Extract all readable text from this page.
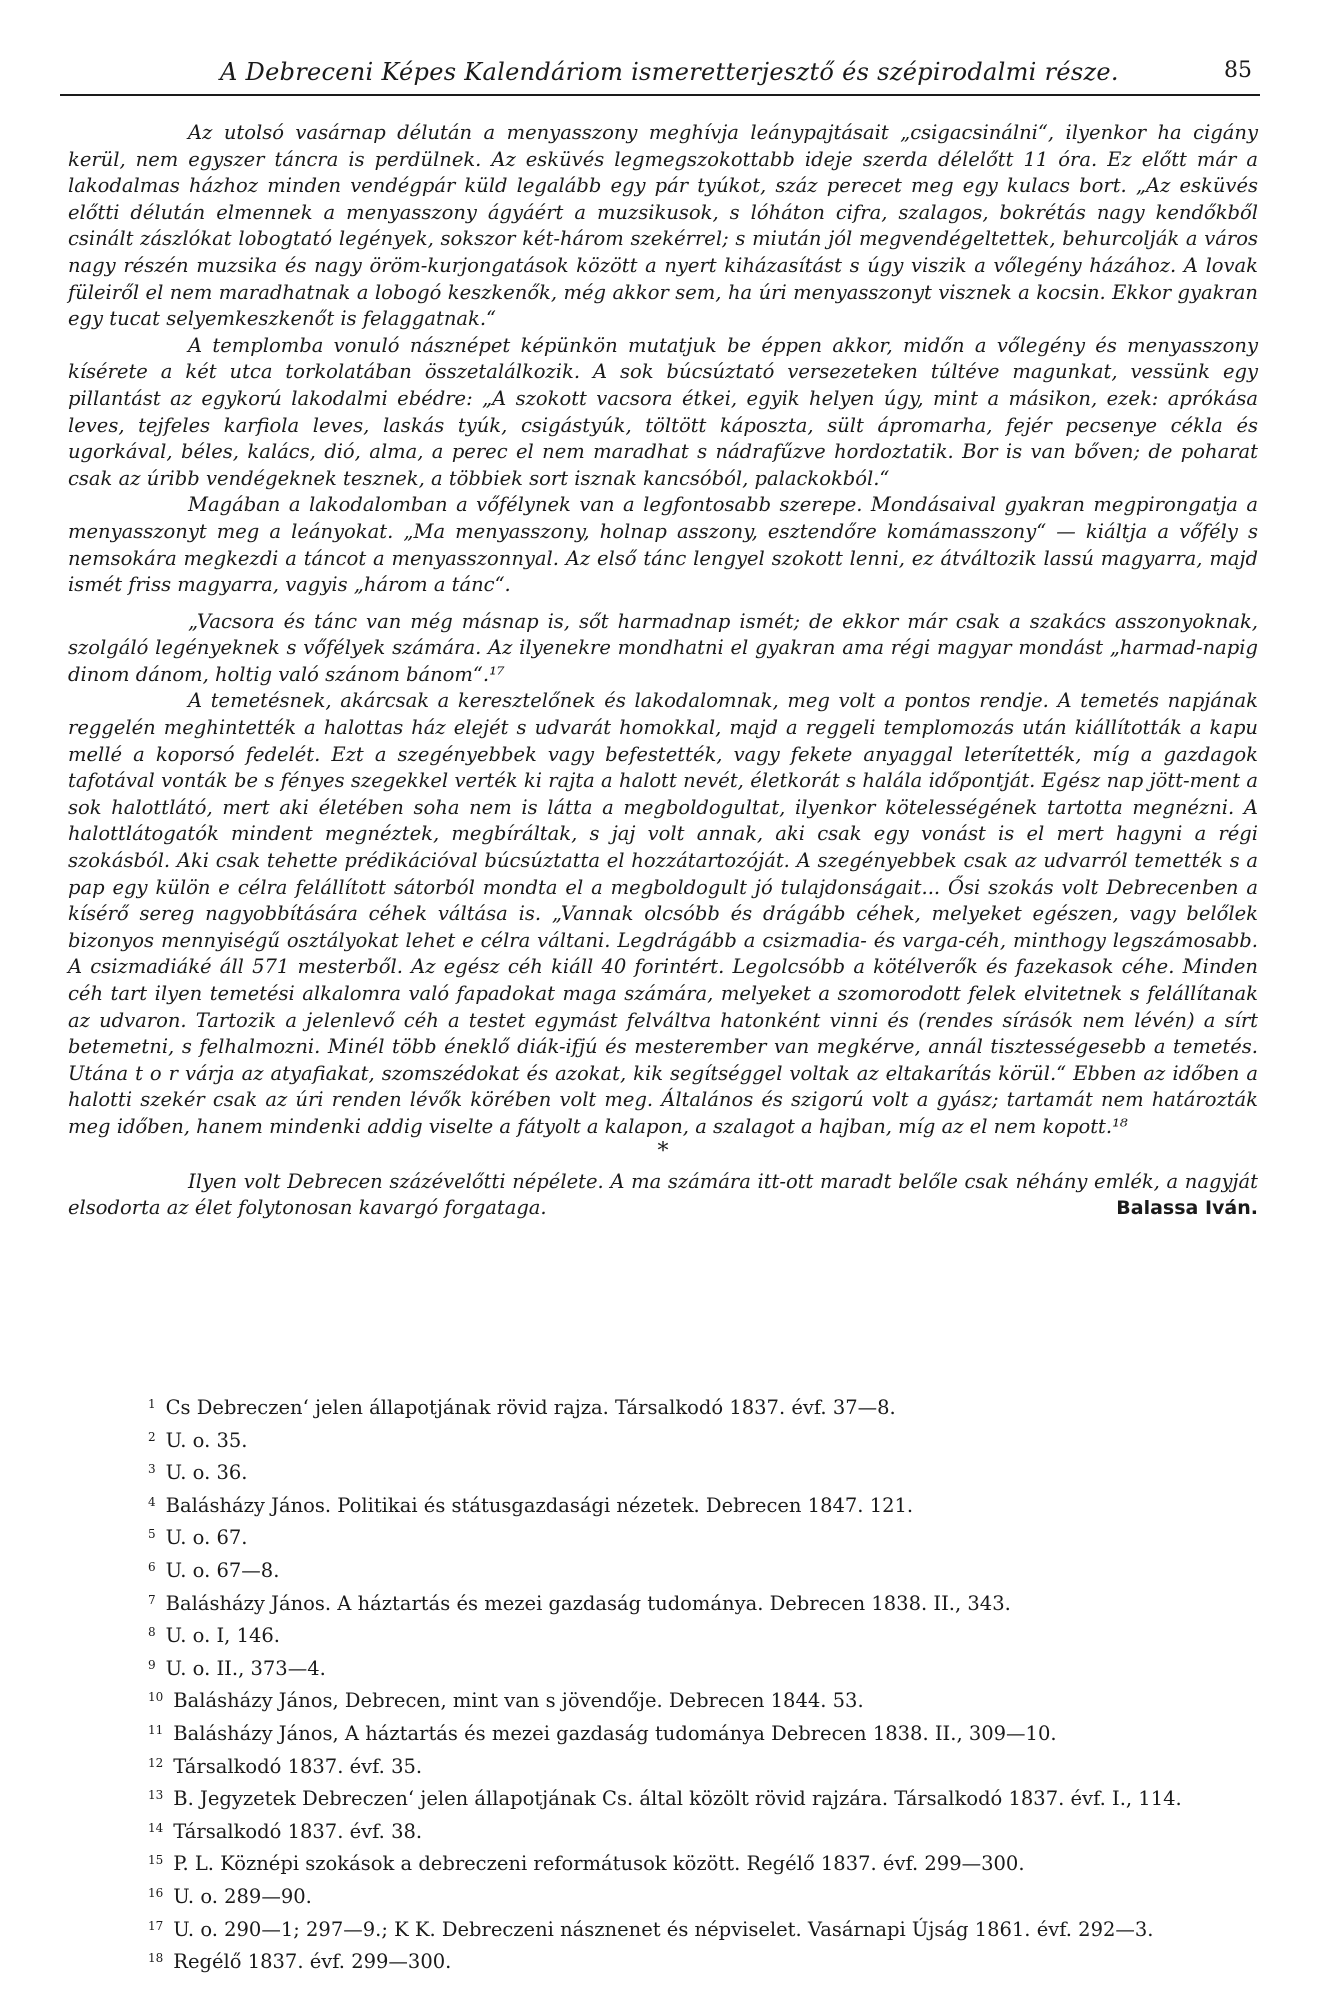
A Debreceni Képes Kalendáriom ismeretterjesztő és szépirodalmi része.	85

Az utolsó vasárnap délután a menyasszony meghívja leánypajtásait „csigacsinálni“, ilyenkor ha cigány kerül, nem egyszer táncra is perdülnek. Az esküvés legmegszokottabb ideje szerda délelőtt 11 óra. Ez előtt már a lakodalmas házhoz minden vendégpár küld legalább egy pár tyúkot, száz perecet meg egy kulacs bort. „Az esküvés előtti délután elmennek a menyasszony ágyáért a muzsikusok, s lóháton cifra, szalagos, bokrétás nagy kendőkből csinált zászlókat lobogtató legények, sokszor két-három szekérrel; s miután jól megvendégeltettek, behurcolják a város nagy részén muzsika és nagy öröm-kurjongatások között a nyert kiházasítást s úgy viszik a vőlegény házához. A lovak füleiről el nem maradhatnak a lobogó keszkenők, még akkor sem, ha úri menyasszonyt visznek a kocsin. Ekkor gyakran egy tucat selyemkeszkenőt is felaggatnak.“

A templomba vonuló násznépet képünkön mutatjuk be éppen akkor, midőn a vőlegény és menyasszony kísérete a két utca torkolatában összetalálkozik. A sok búcsúztató versezeteken túltéve magunkat, vessünk egy pillantást az egykorú lakodalmi ebédre: „A szokott vacsora étkei, egyik helyen úgy, mint a másikon, ezek: aprókása leves, tejfeles karfiola leves, laskás tyúk, csigástyúk, töltött káposzta, sült ápromarha, fejér pecsenye cékla és ugorkával, béles, kalács, dió, alma, a perec el nem maradhat s nádrafűzve hordoztatik. Bor is van bőven; de poharat csak az úribb vendégeknek tesznek, a többiek sort isznak kancsóból, palackokból.“

Magában a lakodalomban a vőfélynek van a legfontosabb szerepe. Mondásaival gyakran megpirongatja a menyasszonyt meg a leányokat. „Ma menyasszony, holnap asszony, esztendőre komámasszony“ — kiáltja a vőfély s nemsokára megkezdi a táncot a menyasszonnyal. Az első tánc lengyel szokott lenni, ez átváltozik lassú magyarra, majd ismét friss magyarra, vagyis „három a tánc“.

„Vacsora és tánc van még másnap is, sőt harmadnap ismét; de ekkor már csak a szakács asszonyoknak, szolgáló legényeknek s vőfélyek számára. Az ilyenekre mondhatni el gyakran ama régi magyar mondást „harmad-napig dinom dánom, holtig való szánom bánom“.¹⁷

A temetésnek, akárcsak a keresztelőnek és lakodalomnak, meg volt a pontos rendje. A temetés napjának reggelén meghintették a halottas ház elejét s udvarát homokkal, majd a reggeli templomozás után kiállították a kapu mellé a koporsó fedelét. Ezt a szegényebbek vagy befestették, vagy fekete anyaggal leterítették, míg a gazdagok tafotával vonták be s fényes szegekkel verték ki rajta a halott nevét, életkorát s halála időpontját. Egész nap jött-ment a sok halottlátó, mert aki életében soha nem is látta a megboldogultat, ilyenkor kötelességének tartotta megnézni. A halottlátogatók mindent megnéztek, megbíráltak, s jaj volt annak, aki csak egy vonást is el mert hagyni a régi szokásból. Aki csak tehette prédikációval búcsúztatta el hozzátartozóját. A szegényebbek csak az udvarról temették s a pap egy külön e célra felállított sátorból mondta el a megboldogult jó tulajdonságait... Ősi szokás volt Debrecenben a kísérő sereg nagyobbítására céhek váltása is. „Vannak olcsóbb és drágább céhek, melyeket egészen, vagy belőlek bizonyos mennyiségű osztályokat lehet e célra váltani. Legdrágább a csizmadia- és varga-céh, minthogy legszámosabb. A csizmadiáké áll 571 mesterből. Az egész céh kiáll 40 forintért. Legolcsóbb a kötélverők és fazekasok céhe. Minden céh tart ilyen temetési alkalomra való fapadokat maga számára, melyeket a szomorodott felek elvitetnek s felállítanak az udvaron. Tartozik a jelenlevő céh a testet egymást felváltva hatonként vinni és (rendes sírásók nem lévén) a sírt betemetni, s felhalmozni. Minél több éneklő diák-ifjú és mesterember van megkérve, annál tisztességesebb a temetés. Utána t o r várja az atyafiakat, szomszédokat és azokat, kik segítséggel voltak az eltakarítás körül.“ Ebben az időben a halotti szekér csak az úri renden lévők körében volt meg. Általános és szigorú volt a gyász; tartamát nem határozták meg időben, hanem mindenki addig viselte a fátyolt a kalapon, a szalagot a hajban, míg az el nem kopott.¹⁸

*

Ilyen volt Debrecen százévelőtti népélete. A ma számára itt-ott maradt belőle csak néhány emlék, a nagyját elsodorta az élet folytonosan kavargó forgataga.	Balassa Iván.

$^1$ Cs Debreczen‘ jelen állapotjának rövid rajza. Társalkodó 1837. évf. 37—8.

$^2$ U. o. 35.

$^3$ U. o. 36.

$^4$ Balásházy János. Politikai és státusgazdasági nézetek. Debrecen 1847. 121.

$^5$ U. o. 67.

$^6$ U. o. 67—8.

$^7$ Balásházy János. A háztartás és mezei gazdaság tudománya. Debrecen 1838. II., 343.

$^8$ U. o. I, 146.

$^9$ U. o. II., 373—4.

$^{10}$ Balásházy János, Debrecen, mint van s jövendője. Debrecen 1844. 53.

$^{11}$ Balásházy János, A háztartás és mezei gazdaság tudománya Debrecen 1838. II., 309—10.

$^{12}$ Társalkodó 1837. évf. 35.

$^{13}$ B. Jegyzetek Debreczen‘ jelen állapotjának Cs. által közölt rövid rajzára. Társalkodó 1837. évf. I., 114.

$^{14}$ Társalkodó 1837. évf. 38.

$^{15}$ P. L. Köznépi szokások a debreczeni reformátusok között. Regélő 1837. évf. 299—300.

$^{16}$ U. o. 289—90.

$^{17}$ U. o. 290—1; 297—9.; K K. Debreczeni násznenet és népviselet. Vasárnapi Újság 1861. évf. 292—3.

$^{18}$ Regélő 1837. évf. 299—300.
